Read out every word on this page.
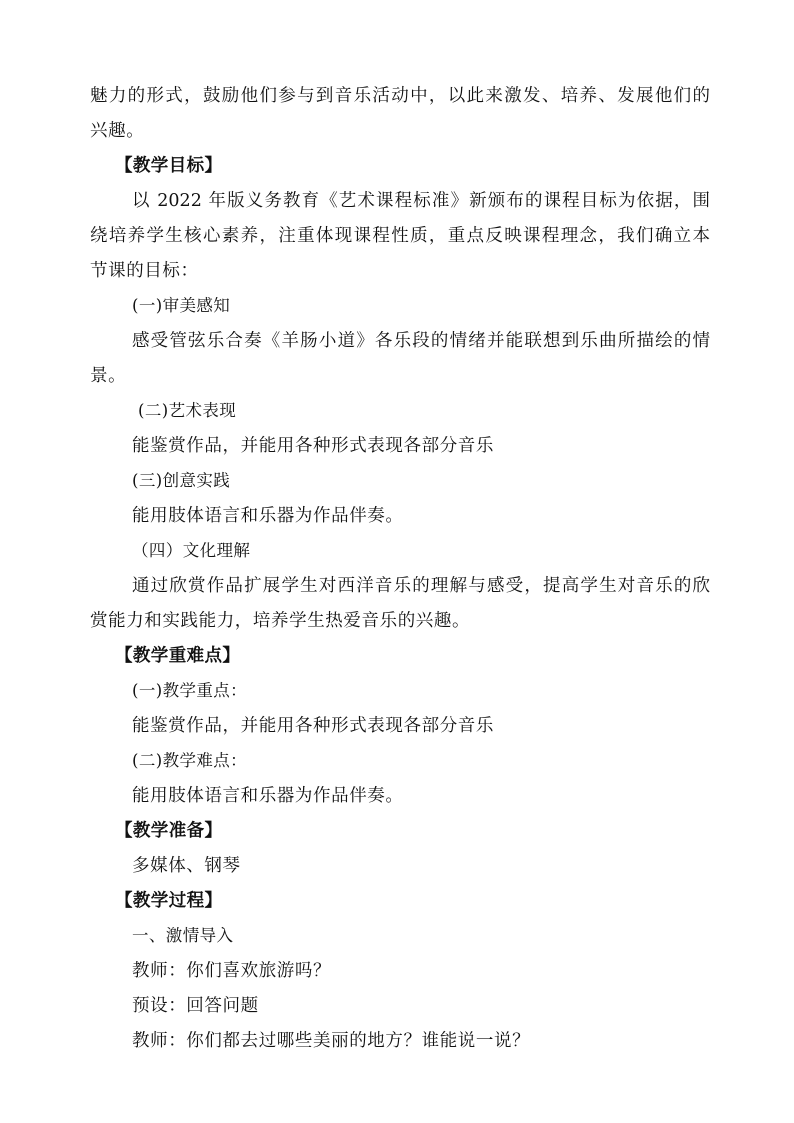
魅力的形式，鼓励他们参与到音乐活动中，以此来激发、培养、发展他们的
兴趣。
【教学目标】
以 2022 年版义务教育《艺术课程标准》新颁布的课程目标为依据，围
绕培养学生核心素养，注重体现课程性质，重点反映课程理念，我们确立本
节课的目标：
(一)审美感知
感受管弦乐合奏《羊肠小道》各乐段的情绪并能联想到乐曲所描绘的情
景。
(二)艺术表现
能鉴赏作品，并能用各种形式表现各部分音乐
(三)创意实践
能用肢体语言和乐器为作品伴奏。
（四）文化理解
通过欣赏作品扩展学生对西洋音乐的理解与感受，提高学生对音乐的欣
赏能力和实践能力，培养学生热爱音乐的兴趣。
【教学重难点】
(一)教学重点：
能鉴赏作品，并能用各种形式表现各部分音乐
(二)教学难点：
能用肢体语言和乐器为作品伴奏。
【教学准备】
多媒体、钢琴
【教学过程】
一、激情导入
教师：你们喜欢旅游吗？
预设：回答问题
教师：你们都去过哪些美丽的地方？谁能说一说？
